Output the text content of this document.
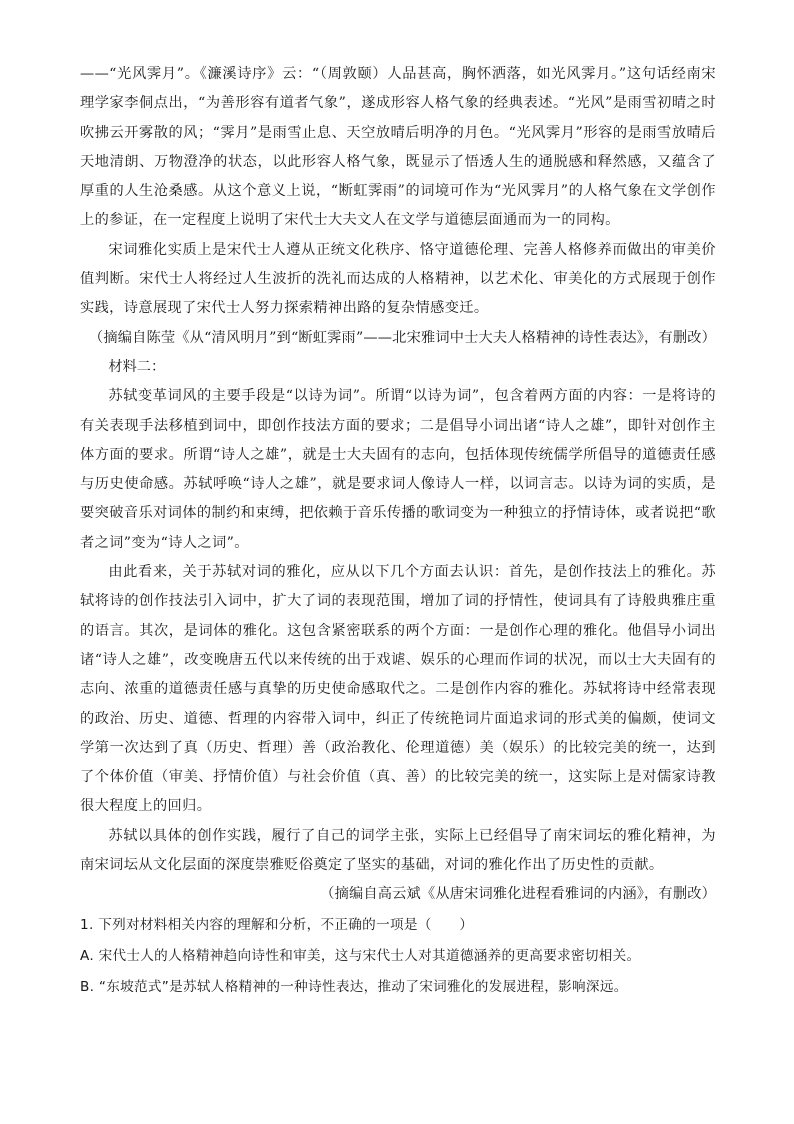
——“光风霁月”。《濂溪诗序》云：“（周敦颐）人品甚高，胸怀洒落，如光风霁月。”这句话经南宋理学家李侗点出，“为善形容有道者气象”，遂成形容人格气象的经典表述。“光风”是雨雪初晴之时吹拂云开雾散的风；“霁月”是雨雪止息、天空放晴后明净的月色。“光风霁月”形容的是雨雪放晴后天地清朗、万物澄净的状态，以此形容人格气象，既显示了悟透人生的通脱感和释然感，又蕴含了厚重的人生沧桑感。从这个意义上说，“断虹霁雨”的词境可作为“光风霁月”的人格气象在文学创作上的参证，在一定程度上说明了宋代士大夫文人在文学与道德层面通而为一的同构。

宋词雅化实质上是宋代士人遵从正统文化秩序、恪守道德伦理、完善人格修养而做出的审美价值判断。宋代士人将经过人生波折的洗礼而达成的人格精神，以艺术化、审美化的方式展现于创作实践，诗意展现了宋代士人努力探索精神出路的复杂情感变迁。

（摘编自陈莹《从“清风明月”到“断虹霁雨”——北宋雅词中士大夫人格精神的诗性表达》，有删改）

材料二：

苏轼变革词风的主要手段是“以诗为词”。所谓“以诗为词”，包含着两方面的内容：一是将诗的有关表现手法移植到词中，即创作技法方面的要求；二是倡导小词出诸“诗人之雄”，即针对创作主体方面的要求。所谓“诗人之雄”，就是士大夫固有的志向，包括体现传统儒学所倡导的道德责任感与历史使命感。苏轼呼唤“诗人之雄”，就是要求词人像诗人一样，以词言志。以诗为词的实质，是要突破音乐对词体的制约和束缚，把依赖于音乐传播的歌词变为一种独立的抒情诗体，或者说把“歌者之词”变为“诗人之词”。

由此看来，关于苏轼对词的雅化，应从以下几个方面去认识：首先，是创作技法上的雅化。苏轼将诗的创作技法引入词中，扩大了词的表现范围，增加了词的抒情性，使词具有了诗般典雅庄重的语言。其次，是词体的雅化。这包含紧密联系的两个方面：一是创作心理的雅化。他倡导小词出诸“诗人之雄”，改变晚唐五代以来传统的出于戏谑、娱乐的心理而作词的状况，而以士大夫固有的志向、浓重的道德责任感与真挚的历史使命感取代之。二是创作内容的雅化。苏轼将诗中经常表现的政治、历史、道德、哲理的内容带入词中，纠正了传统艳词片面追求词的形式美的偏颇，使词文学第一次达到了真（历史、哲理）善（政治教化、伦理道德）美（娱乐）的比较完美的统一，达到了个体价值（审美、抒情价值）与社会价值（真、善）的比较完美的统一，这实际上是对儒家诗教很大程度上的回归。

苏轼以具体的创作实践，履行了自己的词学主张，实际上已经倡导了南宋词坛的雅化精神，为南宋词坛从文化层面的深度崇雅贬俗奠定了坚实的基础，对词的雅化作出了历史性的贡献。

（摘编自高云斌《从唐宋词雅化进程看雅词的内涵》，有删改）

1. 下列对材料相关内容的理解和分析，不正确的一项是（　　）

A. 宋代士人的人格精神趋向诗性和审美，这与宋代士人对其道德涵养的更高要求密切相关。

B. “东坡范式”是苏轼人格精神的一种诗性表达，推动了宋词雅化的发展进程，影响深远。
